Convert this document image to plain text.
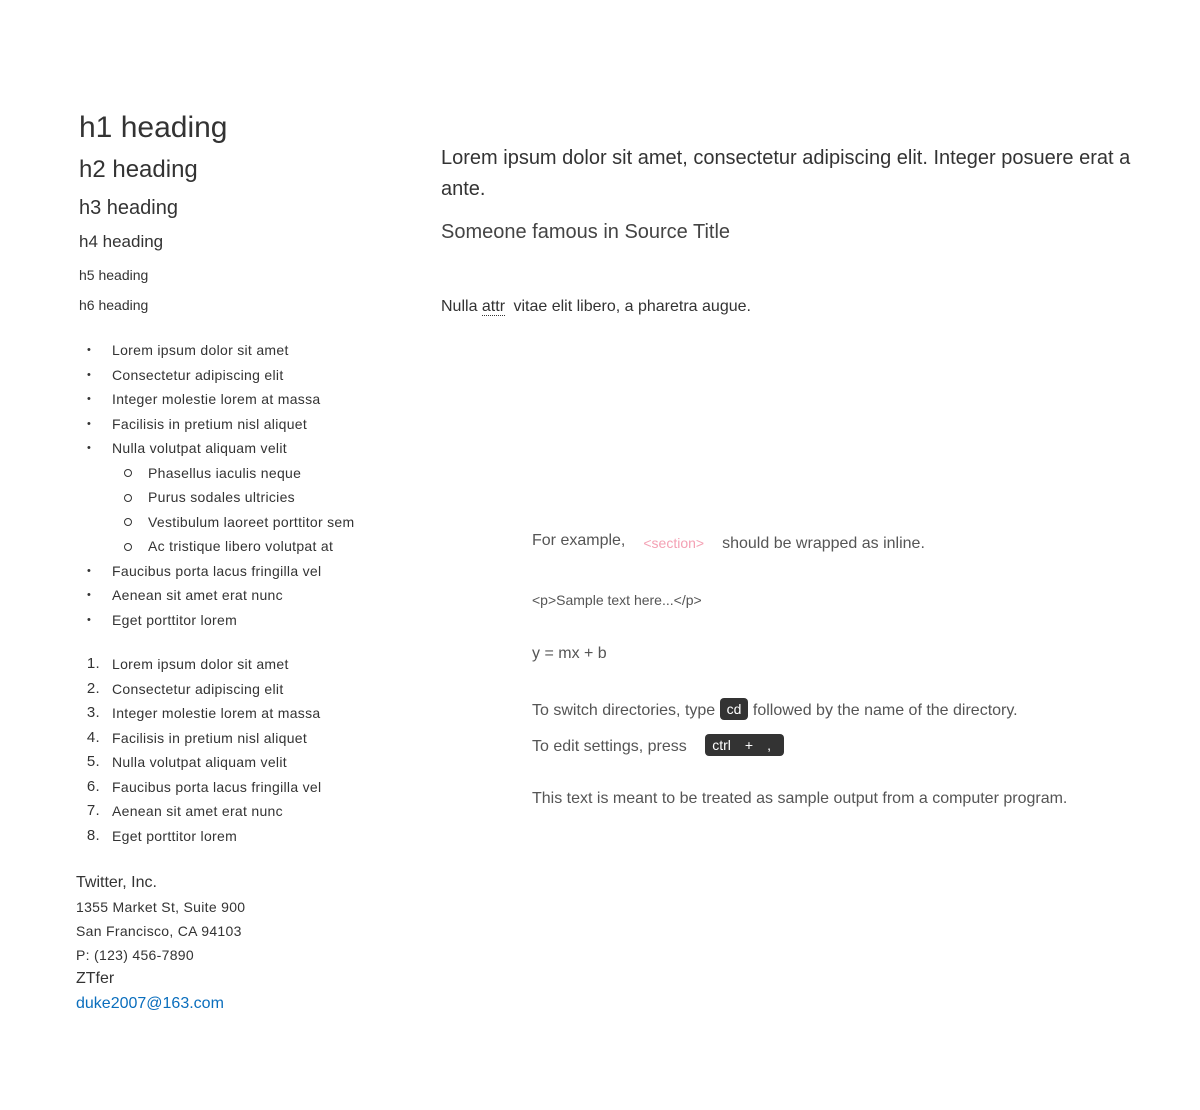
h1 heading
h2 heading
h3 heading
h4 heading
h5 heading
h6 heading
• Lorem ipsum dolor sit amet
• Consectetur adipiscing elit
• Integer molestie lorem at massa
• Facilisis in pretium nisl aliquet
• Nulla volutpat aliquam velit
Phasellus iaculis neque
Purus sodales ultricies
Vestibulum laoreet porttitor sem
Ac tristique libero volutpat at
• Faucibus porta lacus fringilla vel
• Aenean sit amet erat nunc
• Eget porttitor lorem
1. Lorem ipsum dolor sit amet
2. Consectetur adipiscing elit
3. Integer molestie lorem at massa
4. Facilisis in pretium nisl aliquet
5. Nulla volutpat aliquam velit
6. Faucibus porta lacus fringilla vel
7. Aenean sit amet erat nunc
8. Eget porttitor lorem
Twitter, Inc.
1355 Market St, Suite 900
San Francisco, CA 94103
P: (123) 456-7890
ZTfer
duke2007@163.com

Lorem ipsum dolor sit amet, consectetur adipiscing elit. Integer posuere erat a ante.

Someone famous in Source Title
Nulla attr vitae elit libero, a pharetra augue.
For example, <section> should be wrapped as inline.
<p>Sample text here...</p>
y = mx + b
To switch directories, type cd followed by the name of the directory.
To edit settings, press ctrl + ,
This text is meant to be treated as sample output from a computer program.
